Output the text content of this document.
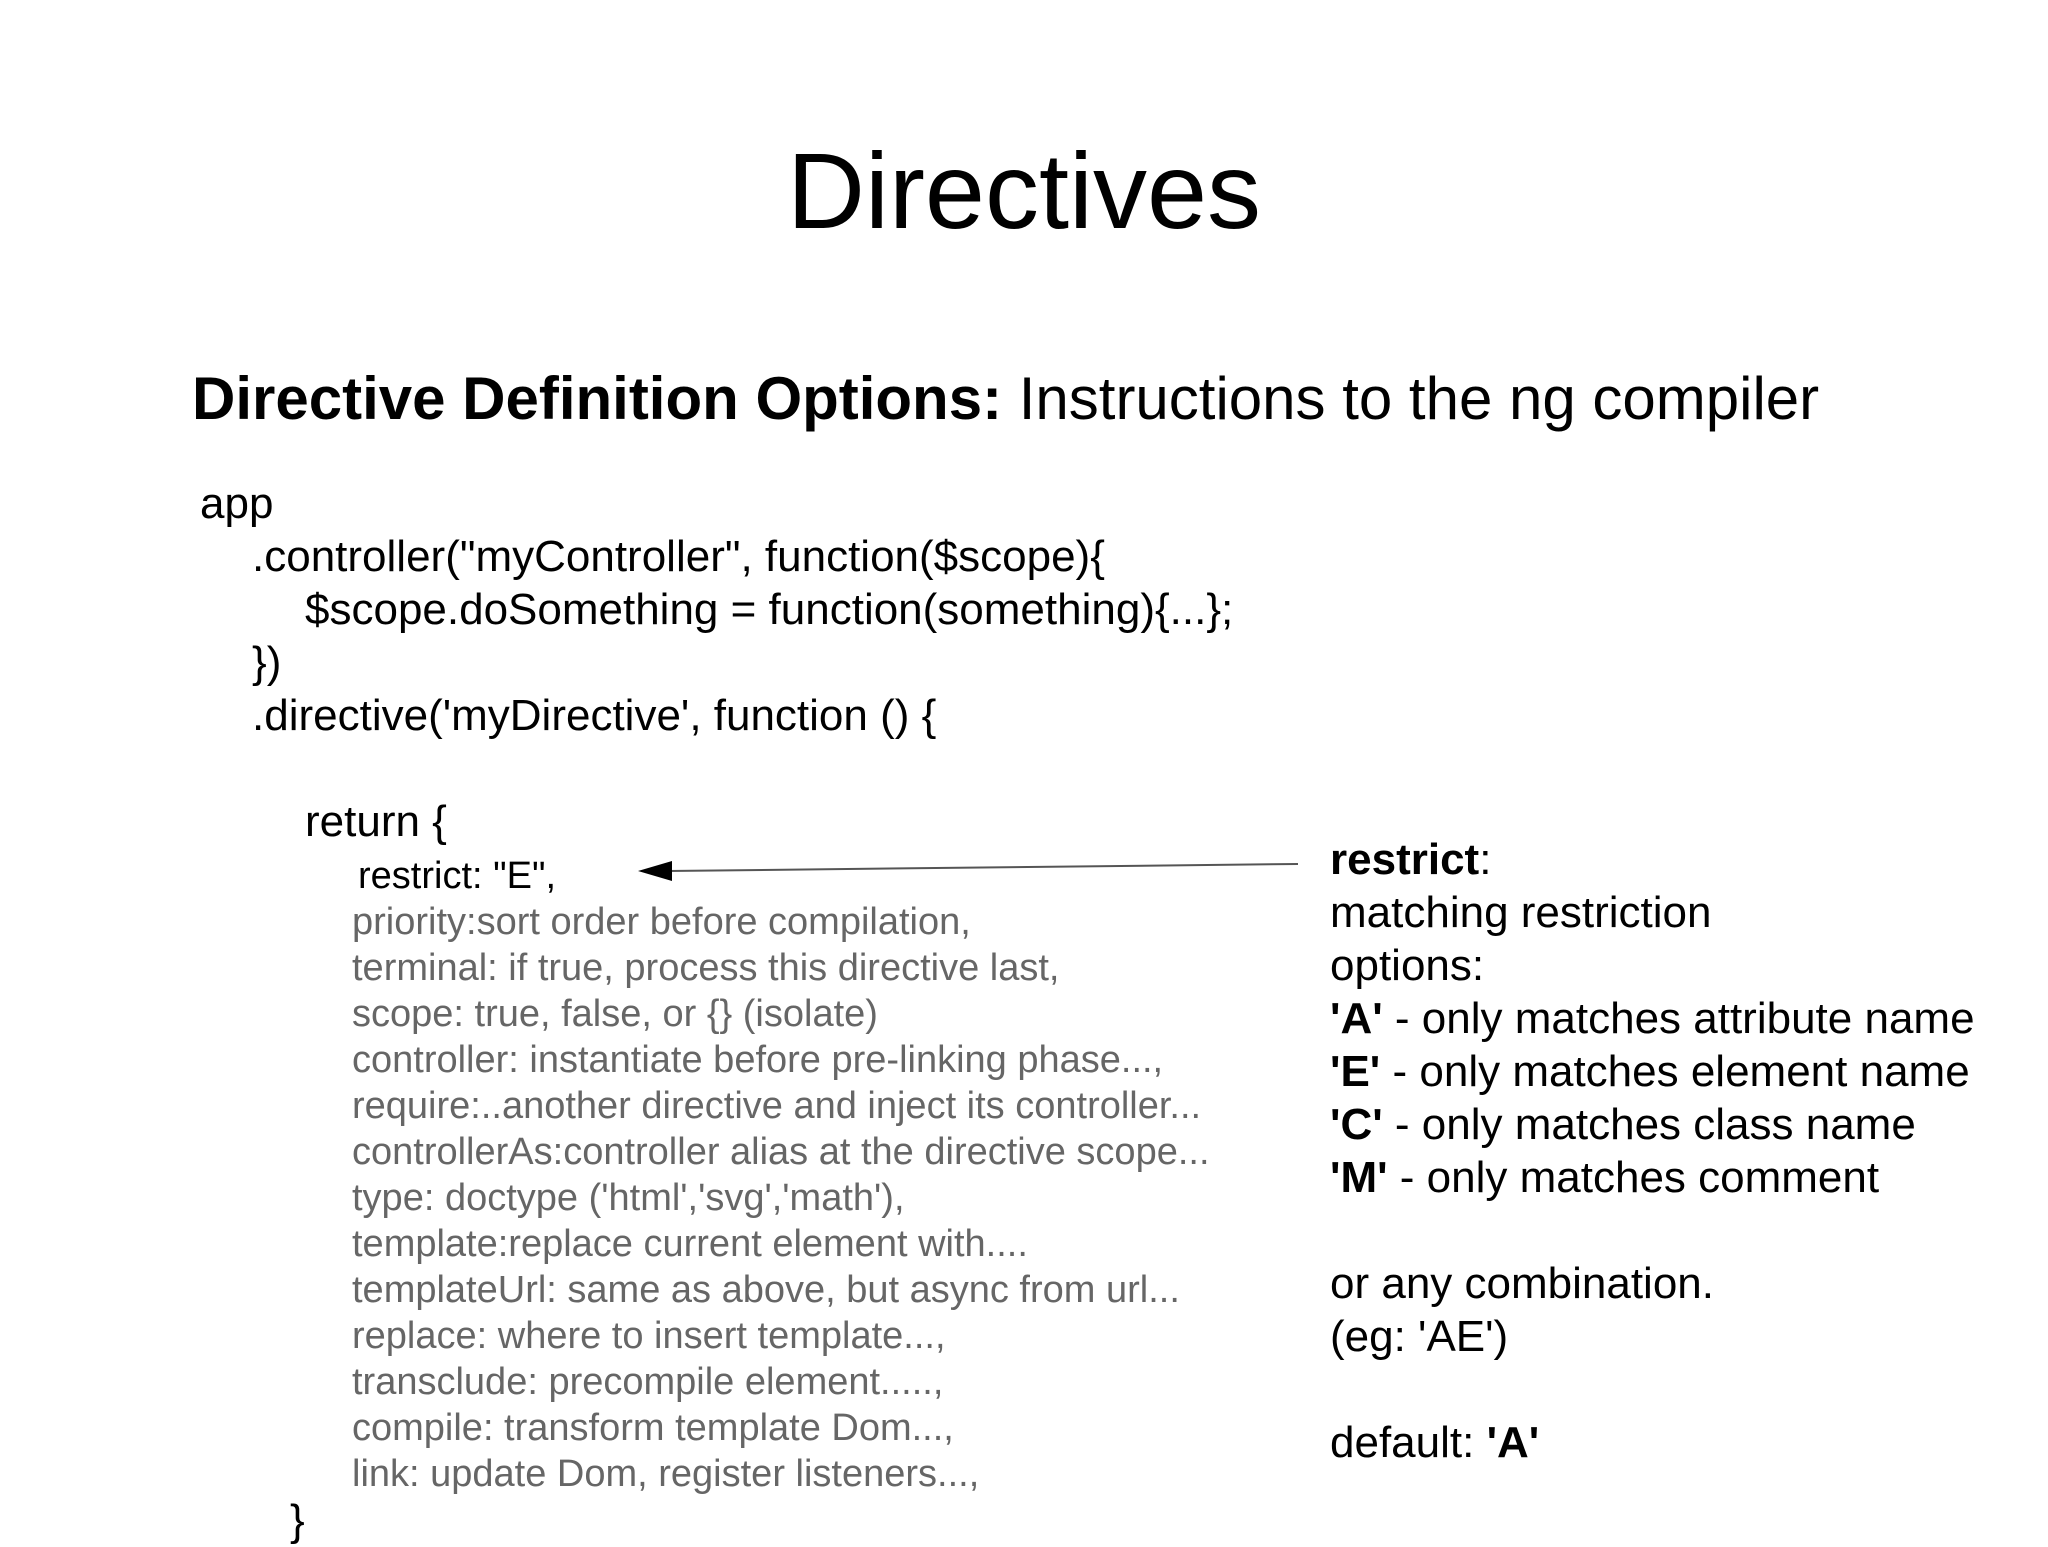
Directives
Directive Definition Options: Instructions to the ng compiler
app
.controller("myController", function($scope){
$scope.doSomething = function(something){...};
})
.directive('myDirective', function () {
return {
}
restrict: "E",
priority:sort order before compilation,
terminal: if true, process this directive last,
scope: true, false, or {} (isolate)
controller: instantiate before pre-linking phase...,
require:..another directive and inject its controller...
controllerAs:controller alias at the directive scope...
type: doctype ('html','svg','math'),
template:replace current element with....
templateUrl: same as above, but async from url...
replace: where to insert template...,
transclude: precompile element.....,
compile: transform template Dom...,
link: update Dom, register listeners...,
restrict:
matching restriction
options:
'A' - only matches attribute name
'E' - only matches element name
'C' - only matches class name
'M' - only matches comment
or any combination.
(eg: 'AE')
default: 'A'
